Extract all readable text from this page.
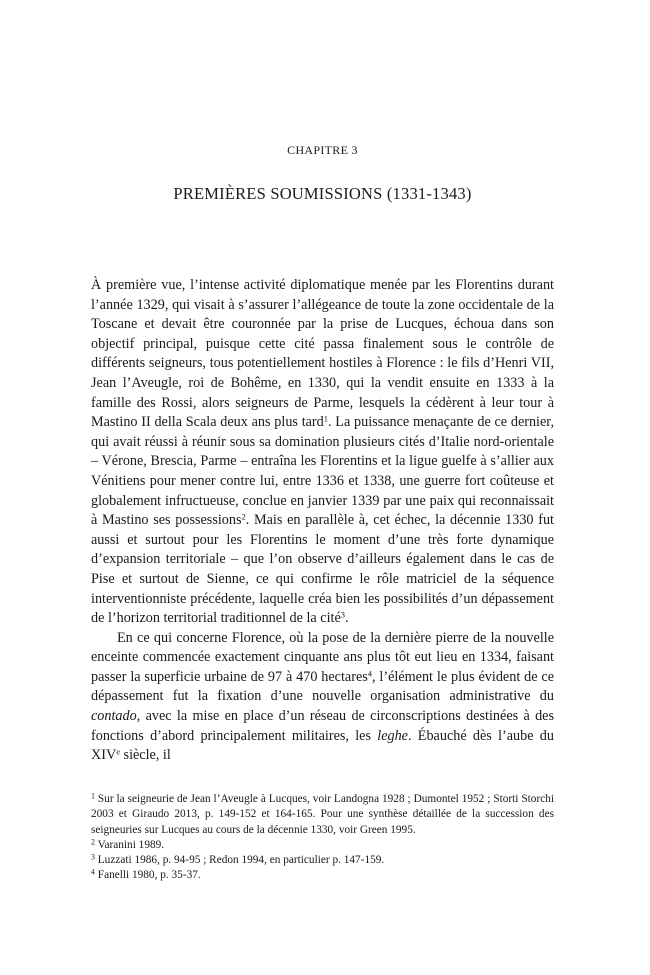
CHAPITRE 3
PREMIÈRES SOUMISSIONS (1331-1343)

À première vue, l’intense activité diplomatique menée par les Florentins durant l’année 1329, qui visait à s’assurer l’allégeance de toute la zone occidentale de la Toscane et devait être couronnée par la prise de Lucques, échoua dans son objectif principal, puisque cette cité passa finalement sous le contrôle de différents seigneurs, tous potentiellement hostiles à Florence : le fils d’Henri VII, Jean l’Aveugle, roi de Bohême, en 1330, qui la vendit ensuite en 1333 à la famille des Rossi, alors seigneurs de Parme, lesquels la cédèrent à leur tour à Mastino II della Scala deux ans plus tard$^1$. La puissance menaçante de ce dernier, qui avait réussi à réunir sous sa domination plusieurs cités d’Italie nord-orientale – Vérone, Brescia, Parme – entraîna les Florentins et la ligue guelfe à s’allier aux Vénitiens pour mener contre lui, entre 1336 et 1338, une guerre fort coûteuse et globalement infructueuse, conclue en janvier 1339 par une paix qui reconnaissait à Mastino ses possessions$^2$. Mais en parallèle à, cet échec, la décennie 1330 fut aussi et surtout pour les Florentins le moment d’une très forte dynamique d’expansion territoriale – que l’on observe d’ailleurs également dans le cas de Pise et surtout de Sienne, ce qui confirme le rôle matriciel de la séquence interventionniste précédente, laquelle créa bien les possibilités d’un dépassement de l’horizon territorial traditionnel de la cité$^3$.

En ce qui concerne Florence, où la pose de la dernière pierre de la nouvelle enceinte commencée exactement cinquante ans plus tôt eut lieu en 1334, faisant passer la superficie urbaine de 97 à 470 hectares$^4$, l’élément le plus évident de ce dépassement fut la fixation d’une nouvelle organisation administrative du contado, avec la mise en place d’un réseau de circonscriptions destinées à des fonctions d’abord principalement militaires, les leghe. Ébauché dès l’aube du XIVe siècle, il

$^1$ Sur la seigneurie de Jean l’Aveugle à Lucques, voir Landogna 1928 ; Dumontel 1952 ; Storti Storchi 2003 et Giraudo 2013, p. 149-152 et 164-165. Pour une synthèse détaillée de la succession des seigneuries sur Lucques au cours de la décennie 1330, voir Green 1995.

$^2$ Varanini 1989.

$^3$ Luzzati 1986, p. 94-95 ; Redon 1994, en particulier p. 147-159.

$^4$ Fanelli 1980, p. 35-37.
